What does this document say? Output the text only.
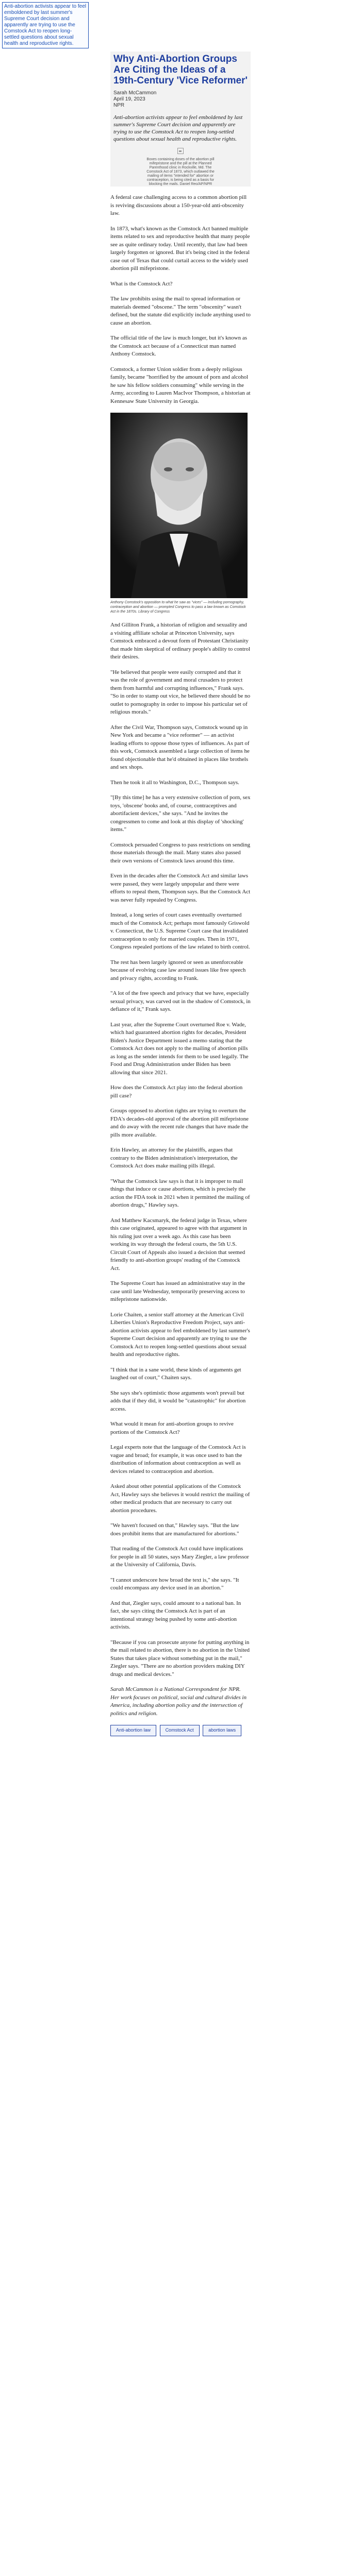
Anti-abortion activists appear to feel emboldened by last summer's Supreme Court decision and apparently are trying to use the Comstock Act to reopen long-settled questions about sexual health and reproductive rights.
Why Anti-Abortion Groups Are Citing the Ideas of a 19th-Century 'Vice Reformer'
Sarah McCammon
April 19, 2023
NPR
Anti-abortion activists appear to feel emboldened by last summer's Supreme Court decision and apparently are trying to use the Comstock Act to reopen long-settled questions about sexual health and reproductive rights.
Boxes containing doses of the abortion pill mifepristone and the pill at the Planned Parenthood clinic in Rockville, Md. The Comstock Act of 1873, which outlawed the mailing of items "intended for" abortion or contraception, is being cited as a basis for blocking the mails. Daniel Reo/AP/NPR

A federal case challenging access to a common abortion pill is reviving discussions about a 150-year-old anti-obscenity law.

In 1873, what's known as the Comstock Act banned multiple items related to sex and reproductive health that many people see as quite ordinary today. Until recently, that law had been largely forgotten or ignored. But it's being cited in the federal case out of Texas that could curtail access to the widely used abortion pill mifepristone.

What is the Comstock Act?

The law prohibits using the mail to spread information or materials deemed "obscene." The term "obscenity" wasn't defined, but the statute did explicitly include anything used to cause an abortion.

The official title of the law is much longer, but it's known as the Comstock act because of a Connecticut man named Anthony Comstock.

Comstock, a former Union soldier from a deeply religious family, became "horrified by the amount of porn and alcohol he saw his fellow soldiers consuming" while serving in the Army, according to Lauren MacIvor Thompson, a historian at Kennesaw State University in Georgia.

Anthony Comstock's opposition to what he saw as "vices" — including pornography, contraception and abortion — prompted Congress to pass a law known as Comstock Act in the 1870s. Library of Congress

And Gilliton Frank, a historian of religion and sexuality and a visiting affiliate scholar at Princeton University, says Comstock embraced a devout form of Protestant Christianity that made him skeptical of ordinary people's ability to control their desires.

"He believed that people were easily corrupted and that it was the role of government and moral crusaders to protect them from harmful and corrupting influences," Frank says. "So in order to stamp out vice, he believed there should be no outlet to pornography in order to impose his particular set of religious morals."

After the Civil War, Thompson says, Comstock wound up in New York and became a "vice reformer" — an activist leading efforts to oppose those types of influences. As part of this work, Comstock assembled a large collection of items he found objectionable that he'd obtained in places like brothels and sex shops.

Then he took it all to Washington, D.C., Thompson says.

"[By this time] he has a very extensive collection of porn, sex toys, 'obscene' books and, of course, contraceptives and abortifacient devices," she says. "And he invites the congressmen to come and look at this display of 'shocking' items."

Comstock persuaded Congress to pass restrictions on sending those materials through the mail. Many states also passed their own versions of Comstock laws around this time.

Even in the decades after the Comstock Act and similar laws were passed, they were largely unpopular and there were efforts to repeal them, Thompson says. But the Comstock Act was never fully repealed by Congress.

Instead, a long series of court cases eventually overturned much of the Comstock Act; perhaps most famously Griswold v. Connecticut, the U.S. Supreme Court case that invalidated contraception to only for married couples. Then in 1971, Congress repealed portions of the law related to birth control.

The rest has been largely ignored or seen as unenforceable because of evolving case law around issues like free speech and privacy rights, according to Frank.

"A lot of the free speech and privacy that we have, especially sexual privacy, was carved out in the shadow of Comstock, in defiance of it," Frank says.

Last year, after the Supreme Court overturned Roe v. Wade, which had guaranteed abortion rights for decades, President Biden's Justice Department issued a memo stating that the Comstock Act does not apply to the mailing of abortion pills as long as the sender intends for them to be used legally. The Food and Drug Administration under Biden has been allowing that since 2021.

How does the Comstock Act play into the federal abortion pill case?

Groups opposed to abortion rights are trying to overturn the FDA's decades-old approval of the abortion pill mifepristone and do away with the recent rule changes that have made the pills more available.

Erin Hawley, an attorney for the plaintiffs, argues that contrary to the Biden administration's interpretation, the Comstock Act does make mailing pills illegal.

"What the Comstock law says is that it is improper to mail things that induce or cause abortions, which is precisely the action the FDA took in 2021 when it permitted the mailing of abortion drugs," Hawley says.

And Matthew Kacsmaryk, the federal judge in Texas, where this case originated, appeared to agree with that argument in his ruling just over a week ago. As this case has been working its way through the federal courts, the 5th U.S. Circuit Court of Appeals also issued a decision that seemed friendly to anti-abortion groups' reading of the Comstock Act.

The Supreme Court has issued an administrative stay in the case until late Wednesday, temporarily preserving access to mifepristone nationwide.

Lorie Chaiten, a senior staff attorney at the American Civil Liberties Union's Reproductive Freedom Project, says anti-abortion activists appear to feel emboldened by last summer's Supreme Court decision and apparently are trying to use the Comstock Act to reopen long-settled questions about sexual health and reproductive rights.

"I think that in a sane world, these kinds of arguments get laughed out of court," Chaiten says.

She says she's optimistic those arguments won't prevail but adds that if they did, it would be "catastrophic" for abortion access.

What would it mean for anti-abortion groups to revive portions of the Comstock Act?

Legal experts note that the language of the Comstock Act is vague and broad; for example, it was once used to ban the distribution of information about contraception as well as devices related to contraception and abortion.

Asked about other potential applications of the Comstock Act, Hawley says she believes it would restrict the mailing of other medical products that are necessary to carry out abortion procedures.

"We haven't focused on that," Hawley says. "But the law does prohibit items that are manufactured for abortions."

That reading of the Comstock Act could have implications for people in all 50 states, says Mary Ziegler, a law professor at the University of California, Davis.

"I cannot underscore how broad the text is," she says. "It could encompass any device used in an abortion."

And that, Ziegler says, could amount to a national ban. In fact, she says citing the Comstock Act is part of an intentional strategy being pushed by some anti-abortion activists.

"Because if you can prosecute anyone for putting anything in the mail related to abortion, there is no abortion in the United States that takes place without something put in the mail," Ziegler says. "There are no abortion providers making DIY drugs and medical devices."

Sarah McCammon is a National Correspondent for NPR. Her work focuses on political, social and cultural divides in America, including abortion policy and the intersection of politics and religion.

Anti-abortion law	Comstock Act	abortion laws
